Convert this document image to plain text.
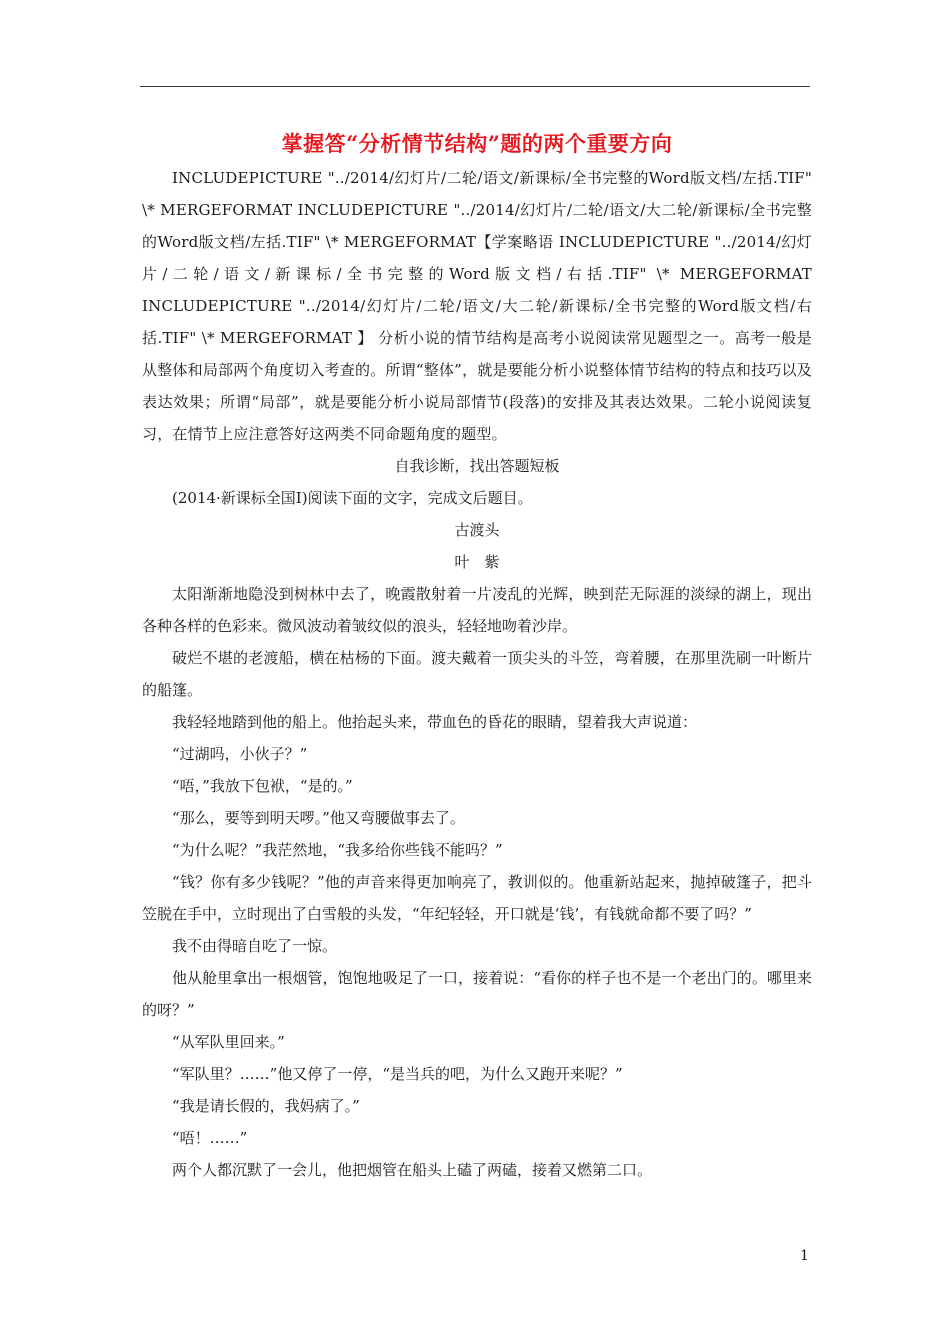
掌握答“分析情节结构”题的两个重要方向

INCLUDEPICTURE "../2014/幻灯片/二轮/语文/新课标/全书完整的Word版文档/左括.TIF" \* MERGEFORMAT INCLUDEPICTURE "../2014/幻灯片/二轮/语文/大二轮/新课标/全书完整的Word版文档/左括.TIF" \* MERGEFORMAT【学案略语 INCLUDEPICTURE "../2014/幻灯片/二轮/语文/新课标/全书完整的Word版文档/右括.TIF" \* MERGEFORMAT INCLUDEPICTURE "../2014/幻灯片/二轮/语文/大二轮/新课标/全书完整的Word版文档/右括.TIF" \* MERGEFORMAT 】 分析小说的情节结构是高考小说阅读常见题型之一。高考一般是从整体和局部两个角度切入考查的。所谓“整体”，就是要能分析小说整体情节结构的特点和技巧以及表达效果；所谓“局部”，就是要能分析小说局部情节(段落)的安排及其表达效果。二轮小说阅读复习，在情节上应注意答好这两类不同命题角度的题型。

自我诊断，找出答题短板

(2014·新课标全国Ⅰ)阅读下面的文字，完成文后题目。

古渡头

叶　紫

太阳渐渐地隐没到树林中去了，晚霞散射着一片凌乱的光辉，映到茫无际涯的淡绿的湖上，现出各种各样的色彩来。微风波动着皱纹似的浪头，轻轻地吻着沙岸。

破烂不堪的老渡船，横在枯杨的下面。渡夫戴着一顶尖头的斗笠，弯着腰，在那里洗刷一叶断片的船篷。

我轻轻地踏到他的船上。他抬起头来，带血色的昏花的眼睛，望着我大声说道：

“过湖吗，小伙子？”

“唔，”我放下包袱，“是的。”

“那么，要等到明天啰。”他又弯腰做事去了。

“为什么呢？”我茫然地，“我多给你些钱不能吗？”

“钱？你有多少钱呢？”他的声音来得更加响亮了，教训似的。他重新站起来，抛掉破篷子，把斗笠脱在手中，立时现出了白雪般的头发，“年纪轻轻，开口就是‘钱’，有钱就命都不要了吗？”

我不由得暗自吃了一惊。

他从舱里拿出一根烟管，饱饱地吸足了一口，接着说：“看你的样子也不是一个老出门的。哪里来的呀？”

“从军队里回来。”

“军队里？……”他又停了一停，“是当兵的吧，为什么又跑开来呢？”

“我是请长假的，我妈病了。”

“唔！……”

两个人都沉默了一会儿，他把烟管在船头上磕了两磕，接着又燃第二口。

1
